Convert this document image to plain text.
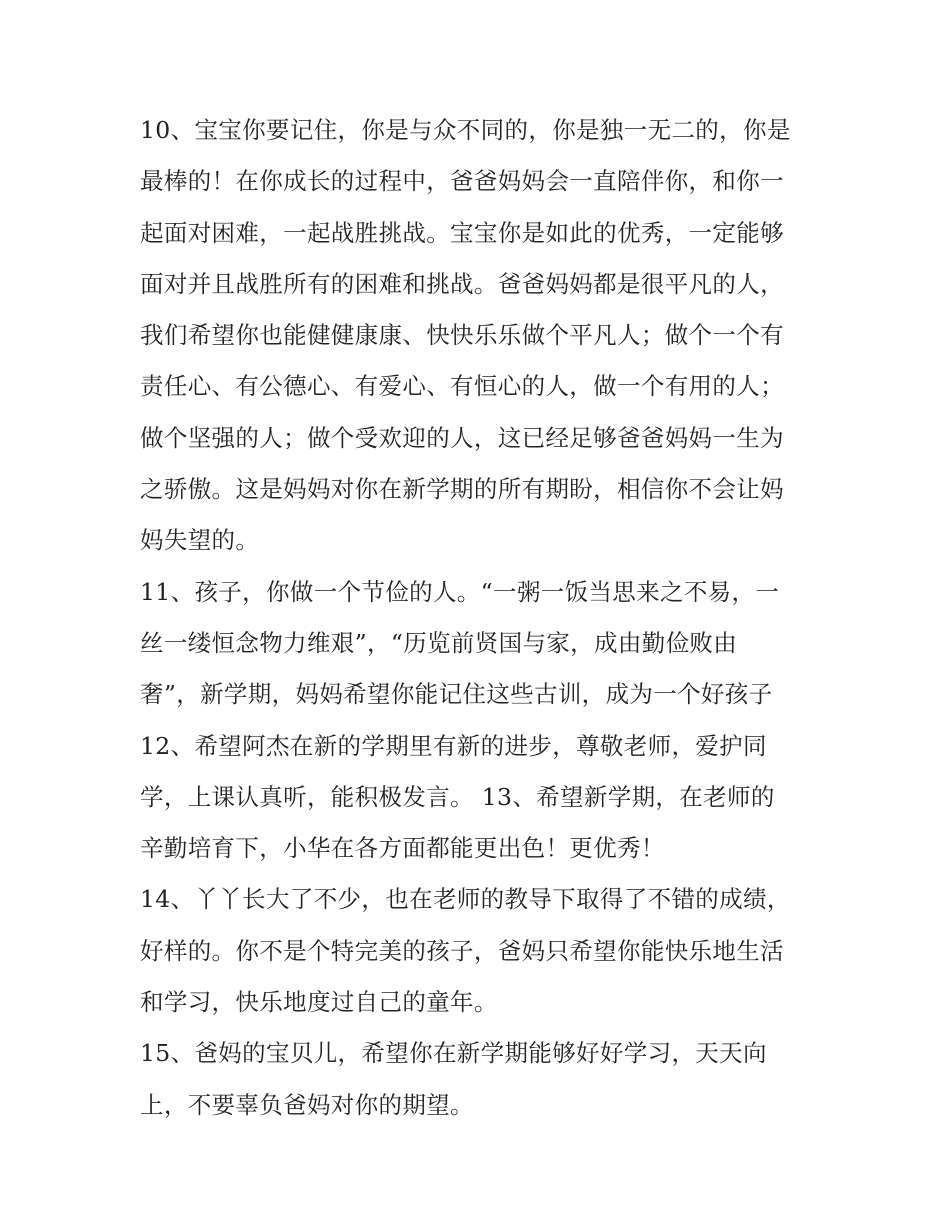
10、宝宝你要记住，你是与众不同的，你是独一无二的，你是
最棒的！在你成长的过程中，爸爸妈妈会一直陪伴你，和你一
起面对困难，一起战胜挑战。宝宝你是如此的优秀，一定能够
面对并且战胜所有的困难和挑战。爸爸妈妈都是很平凡的人，
我们希望你也能健健康康、快快乐乐做个平凡人；做个一个有
责任心、有公德心、有爱心、有恒心的人，做一个有用的人；
做个坚强的人；做个受欢迎的人，这已经足够爸爸妈妈一生为
之骄傲。这是妈妈对你在新学期的所有期盼，相信你不会让妈
妈失望的。
11、孩子，你做一个节俭的人。“一粥一饭当思来之不易，一
丝一缕恒念物力维艰”，“历览前贤国与家，成由勤俭败由
奢”，新学期，妈妈希望你能记住这些古训，成为一个好孩子
12、希望阿杰在新的学期里有新的进步，尊敬老师，爱护同
学，上课认真听，能积极发言。 13、希望新学期，在老师的
辛勤培育下，小华在各方面都能更出色！更优秀！
14、丫丫长大了不少，也在老师的教导下取得了不错的成绩，
好样的。你不是个特完美的孩子，爸妈只希望你能快乐地生活
和学习，快乐地度过自己的童年。
15、爸妈的宝贝儿，希望你在新学期能够好好学习，天天向
上，不要辜负爸妈对你的期望。
